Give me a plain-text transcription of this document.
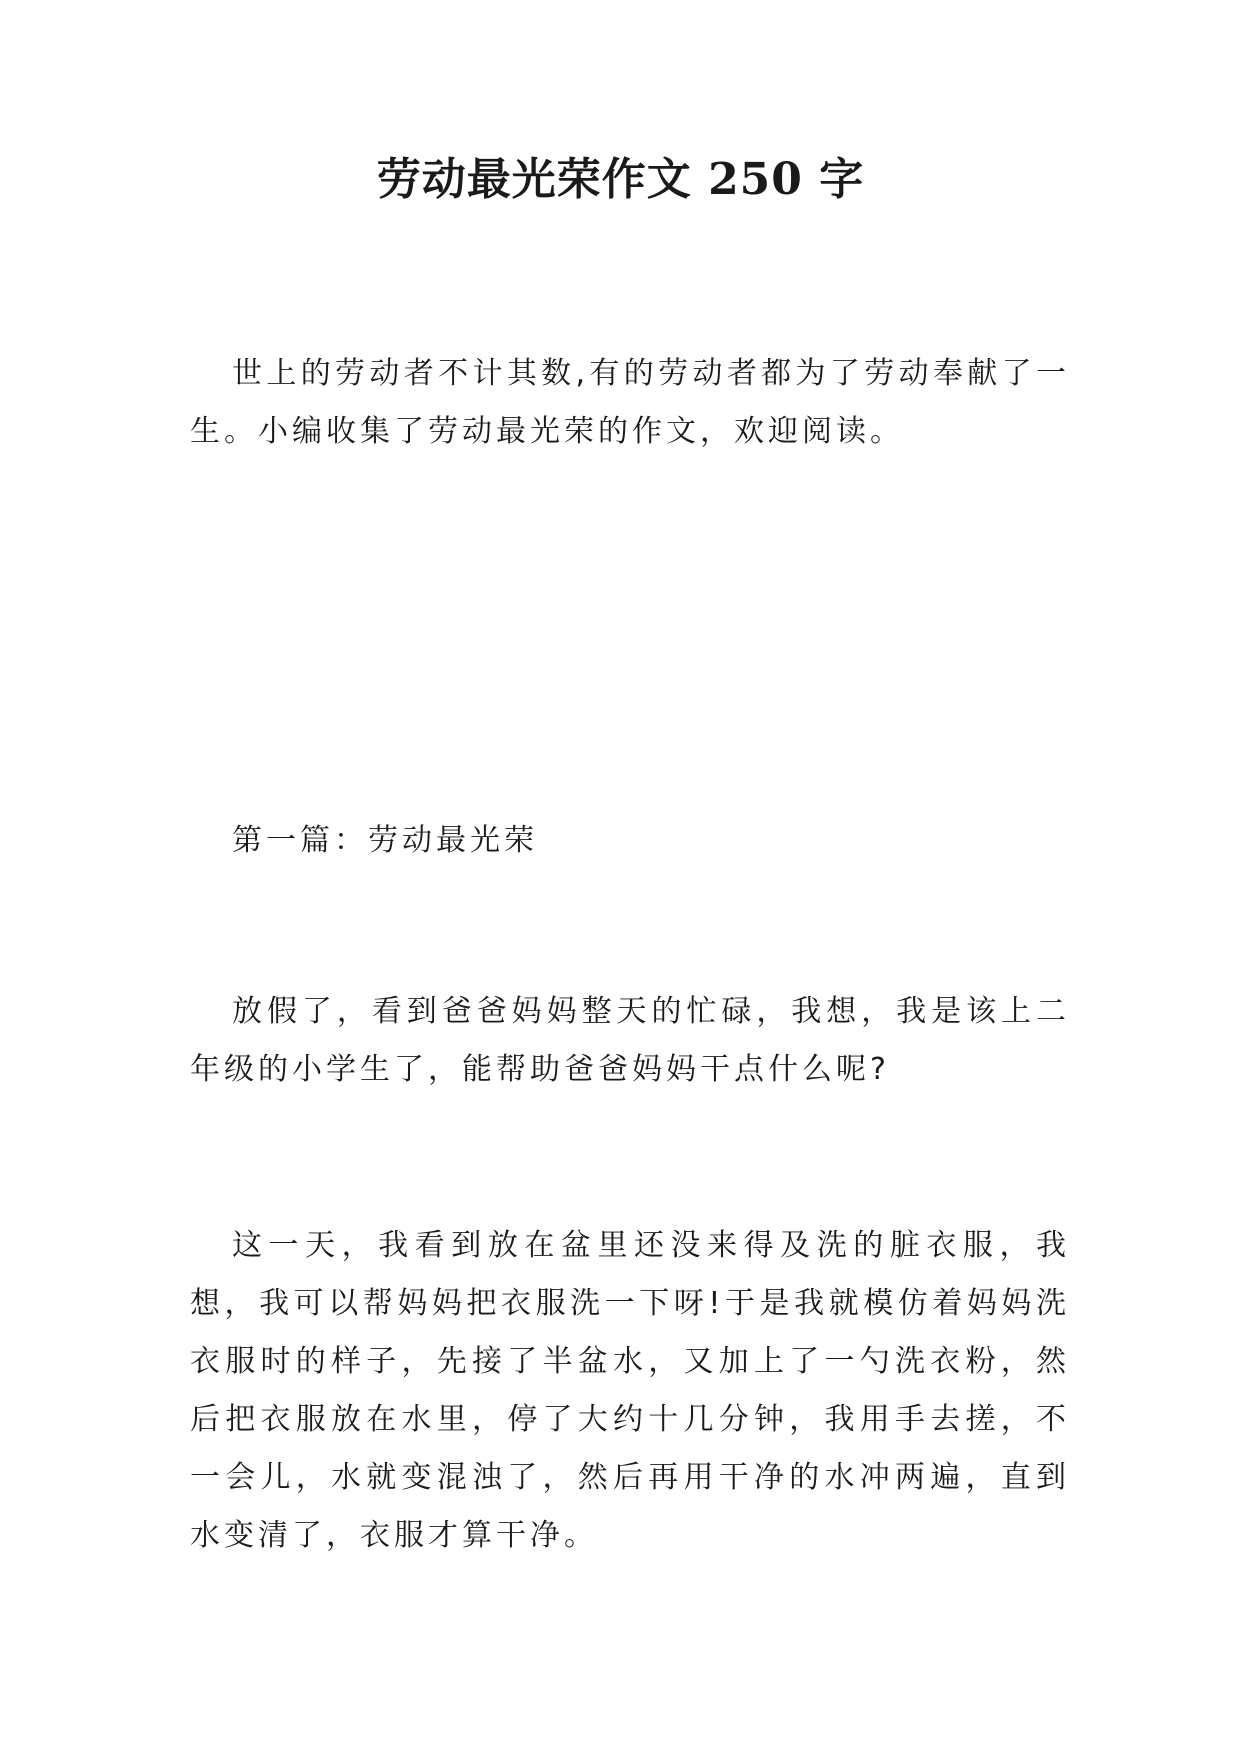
劳动最光荣作文 250 字

世上的劳动者不计其数,有的劳动者都为了劳动奉献了一生。小编收集了劳动最光荣的作文，欢迎阅读。

第一篇：劳动最光荣

放假了，看到爸爸妈妈整天的忙碌，我想，我是该上二年级的小学生了，能帮助爸爸妈妈干点什么呢?

这一天，我看到放在盆里还没来得及洗的脏衣服，我想，我可以帮妈妈把衣服洗一下呀!于是我就模仿着妈妈洗衣服时的样子，先接了半盆水，又加上了一勺洗衣粉，然后把衣服放在水里，停了大约十几分钟，我用手去搓，不一会儿，水就变混浊了，然后再用干净的水冲两遍，直到水变清了，衣服才算干净。
